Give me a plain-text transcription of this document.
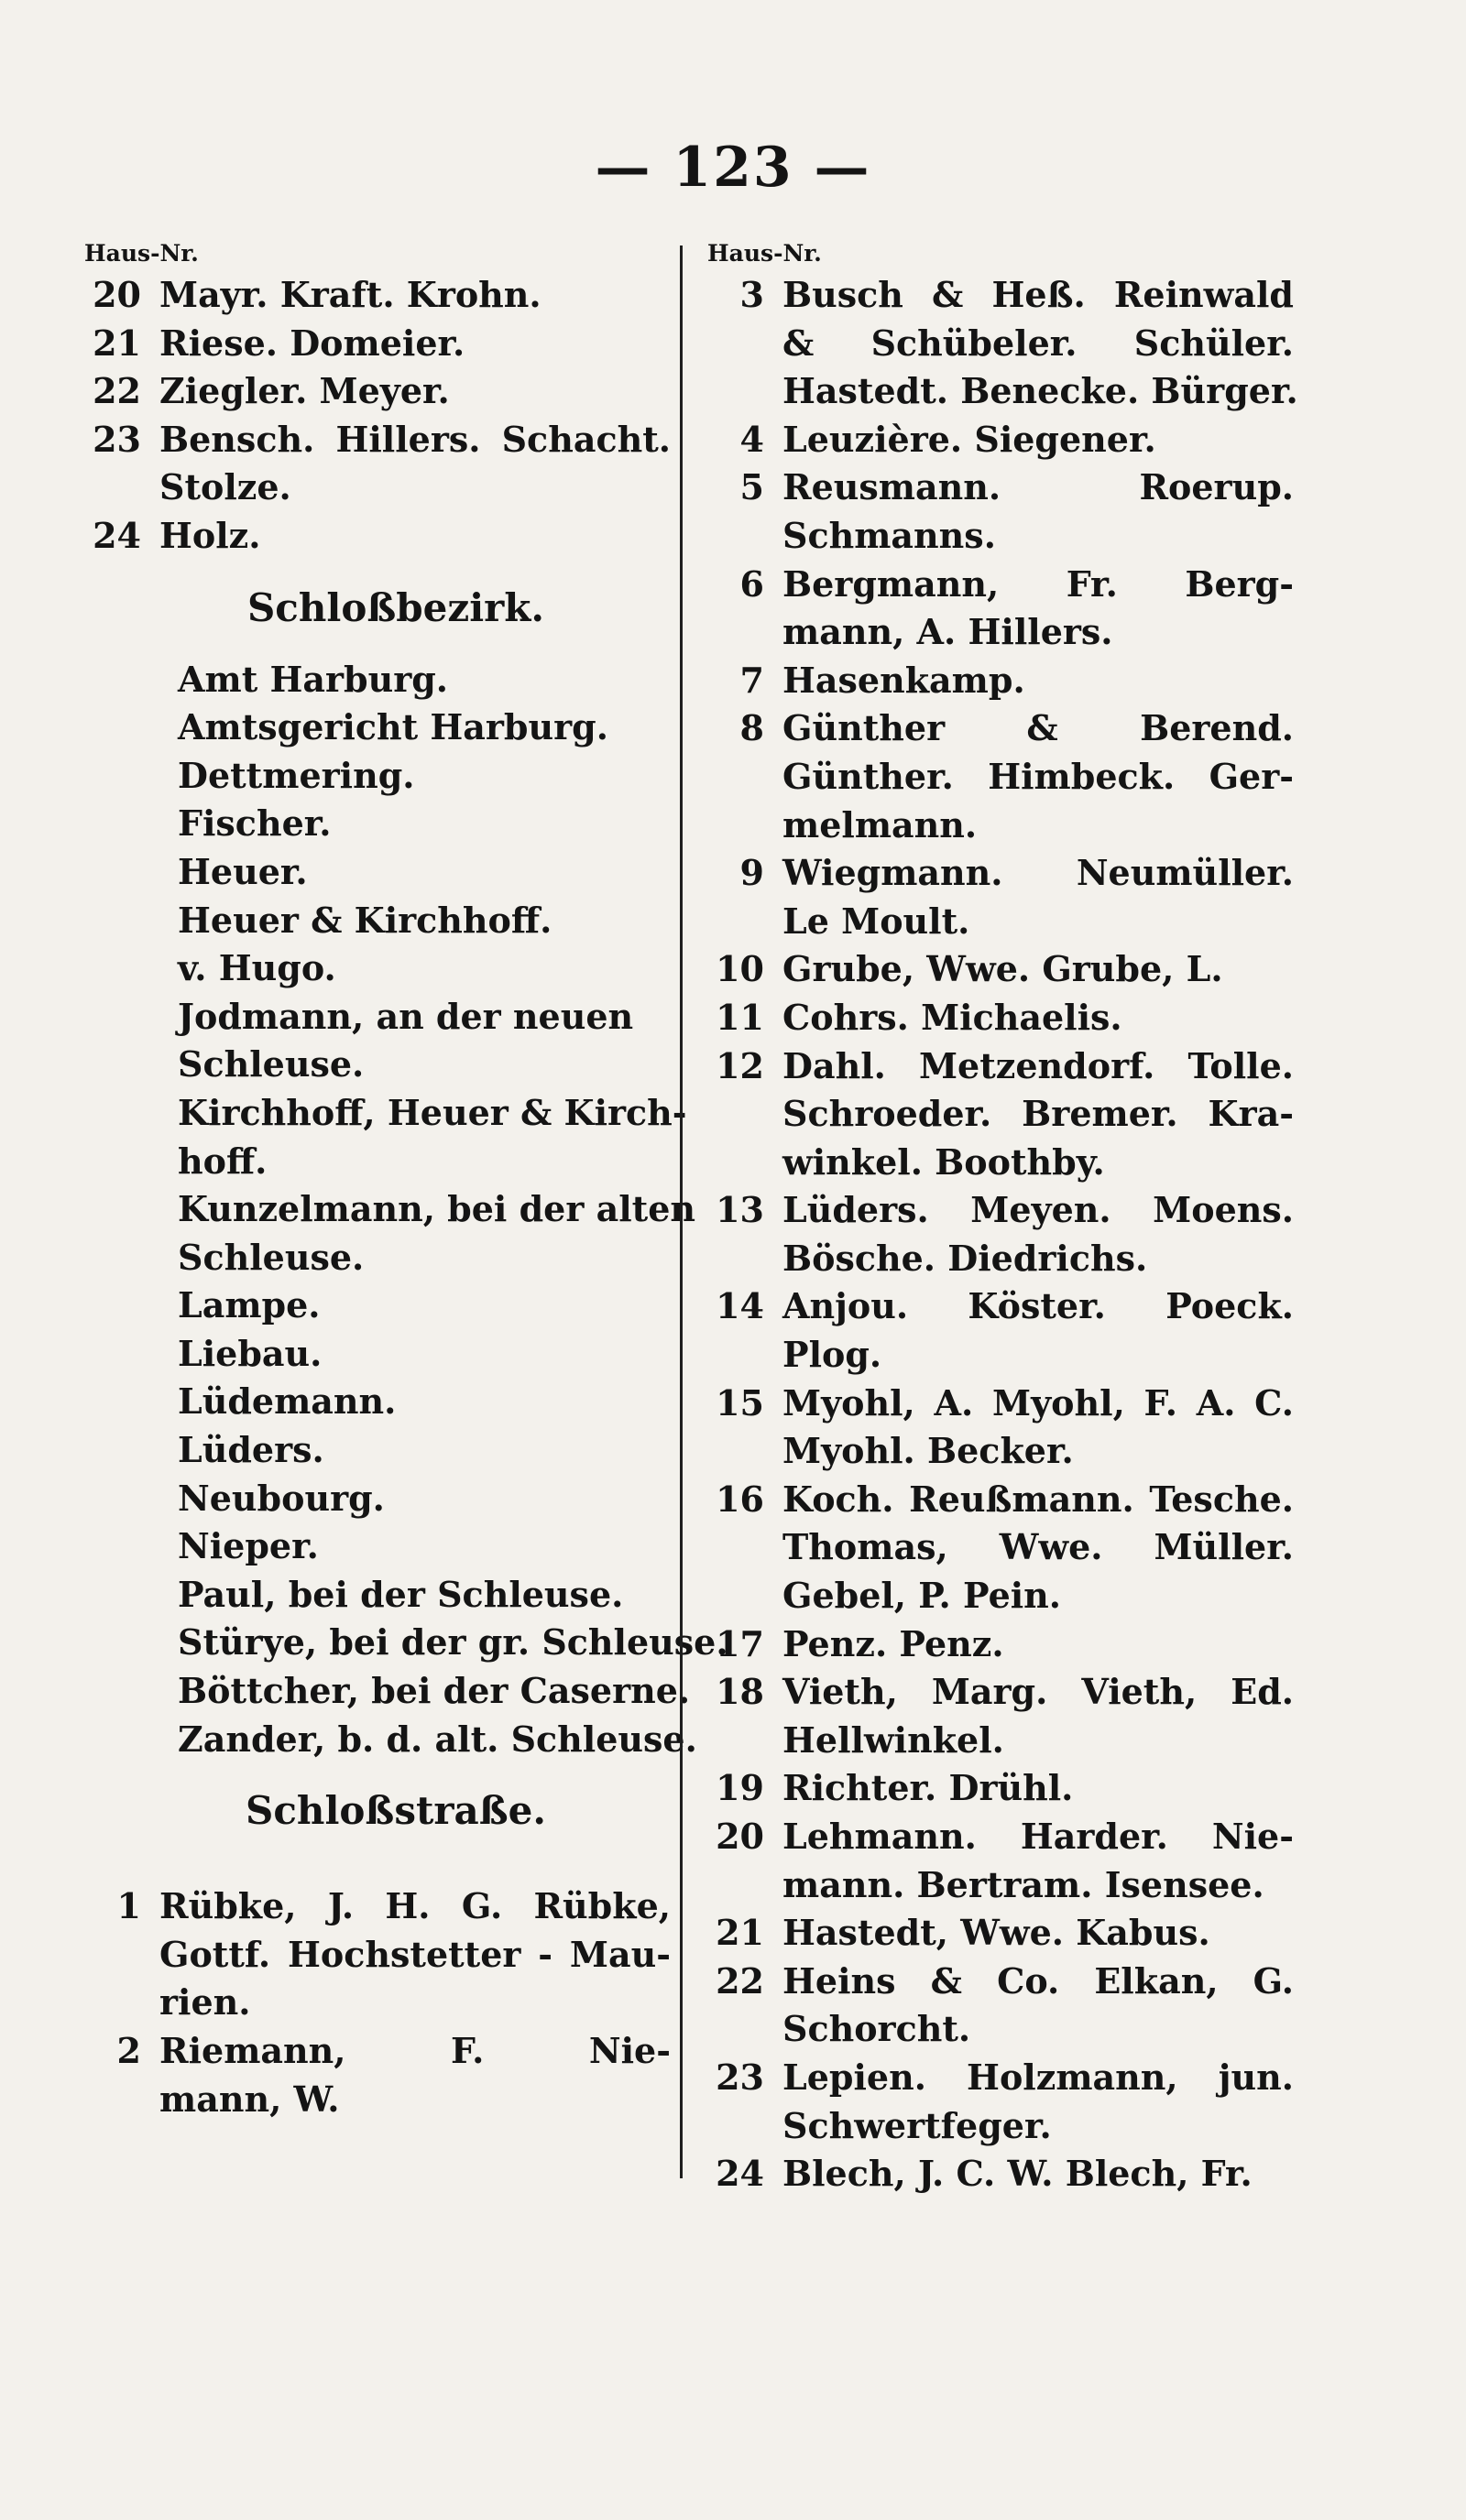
— 123 —
Haus-Nr.
20 Mayr. Kraft. Krohn.
21 Riese. Domeier.
22 Ziegler. Meyer.
23 Bensch. Hillers. Schacht.
Stolze.
24 Holz.
Schloßbezirk.
Amt Harburg.
Amtsgericht Harburg.
Dettmering.
Fischer.
Heuer.
Heuer & Kirchhoff.
v. Hugo.
Jodmann, an der neuen
Schleuse.
Kirchhoff, Heuer & Kirch-
hoff.
Kunzelmann, bei der alten
Schleuse.
Lampe.
Liebau.
Lüdemann.
Lüders.
Neubourg.
Nieper.
Paul, bei der Schleuse.
Stürye, bei der gr. Schleuse.
Böttcher, bei der Caserne.
Zander, b. d. alt. Schleuse.
Schloßstraße.
1 Rübke, J. H. G. Rübke,
Gottf. Hochstetter - Mau-
rien.
2 Riemann, F. Nie-
mann, W.
Haus-Nr.
3 Busch & Heß. Reinwald
& Schübeler. Schüler.
Hastedt. Benecke. Bürger.
4 Leuzière. Siegener.
5 Reusmann. Roerup.
Schmanns.
6 Bergmann, Fr. Berg-
mann, A. Hillers.
7 Hasenkamp.
8 Günther & Berend.
Günther. Himbeck. Ger-
melmann.
9 Wiegmann. Neumüller.
Le Moult.
10 Grube, Wwe. Grube, L.
11 Cohrs. Michaelis.
12 Dahl. Metzendorf. Tolle.
Schroeder. Bremer. Kra-
winkel. Boothby.
13 Lüders. Meyen. Moens.
Bösche. Diedrichs.
14 Anjou. Köster. Poeck.
Plog.
15 Myohl, A. Myohl, F. A. C.
Myohl. Becker.
16 Koch. Reußmann. Tesche.
Thomas, Wwe. Müller.
Gebel, P. Pein.
17 Penz. Penz.
18 Vieth, Marg. Vieth, Ed.
Hellwinkel.
19 Richter. Drühl.
20 Lehmann. Harder. Nie-
mann. Bertram. Isensee.
21 Hastedt, Wwe. Kabus.
22 Heins & Co. Elkan, G.
Schorcht.
23 Lepien. Holzmann, jun.
Schwertfeger.
24 Blech, J. C. W. Blech, Fr.
